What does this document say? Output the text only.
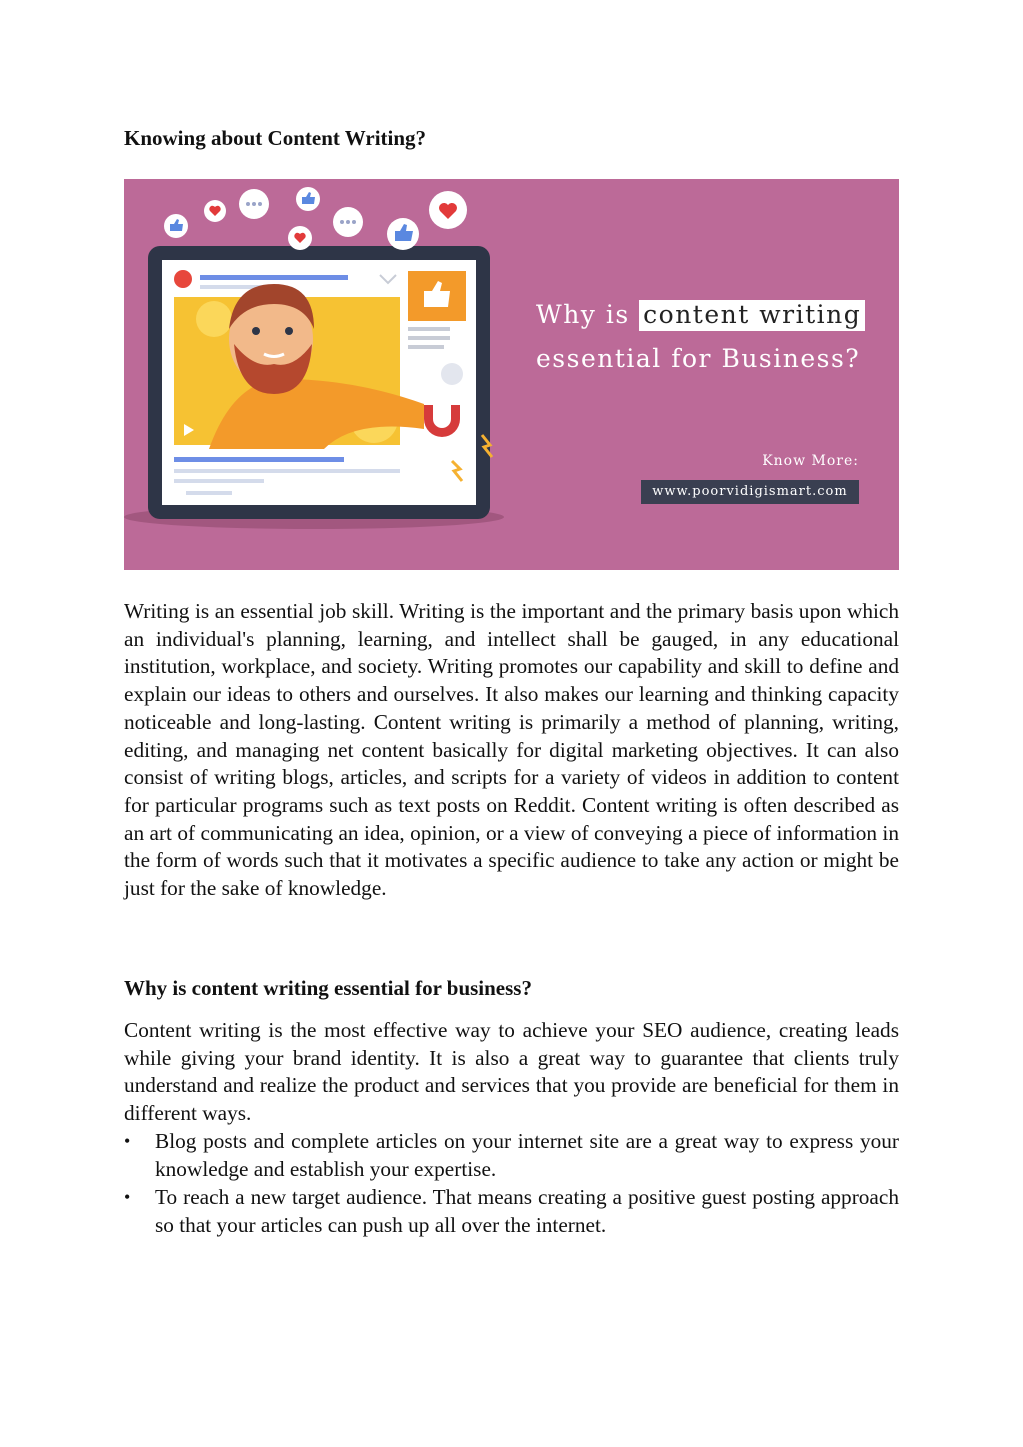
Knowing about Content Writing?
Why is content writing
essential for Business?
Know More:
www.poorvidigismart.com

Writing is an essential job skill. Writing is the important and the primary basis upon which an individual's planning, learning, and intellect shall be gauged, in any educational institution, workplace, and society. Writing promotes our capability and skill to define and explain our ideas to others and ourselves. It also makes our learning and thinking capacity noticeable and long-lasting. Content writing is primarily a method of planning, writing, editing, and managing net content basically for digital marketing objectives. It can also consist of writing blogs, articles, and scripts for a variety of videos in addition to content for particular programs such as text posts on Reddit. Content writing is often described as an art of communicating an idea, opinion, or a view of conveying a piece of information in the form of words such that it motivates a specific audience to take any action or might be just for the sake of knowledge.

Why is content writing essential for business?

Content writing is the most effective way to achieve your SEO audience, creating leads while giving your brand identity. It is also a great way to guarantee that clients truly understand and realize the product and services that you provide are beneficial for them in different ways.

• Blog posts and complete articles on your internet site are a great way to express your knowledge and establish your expertise.
• To reach a new target audience. That means creating a positive guest posting approach so that your articles can push up all over the internet.
